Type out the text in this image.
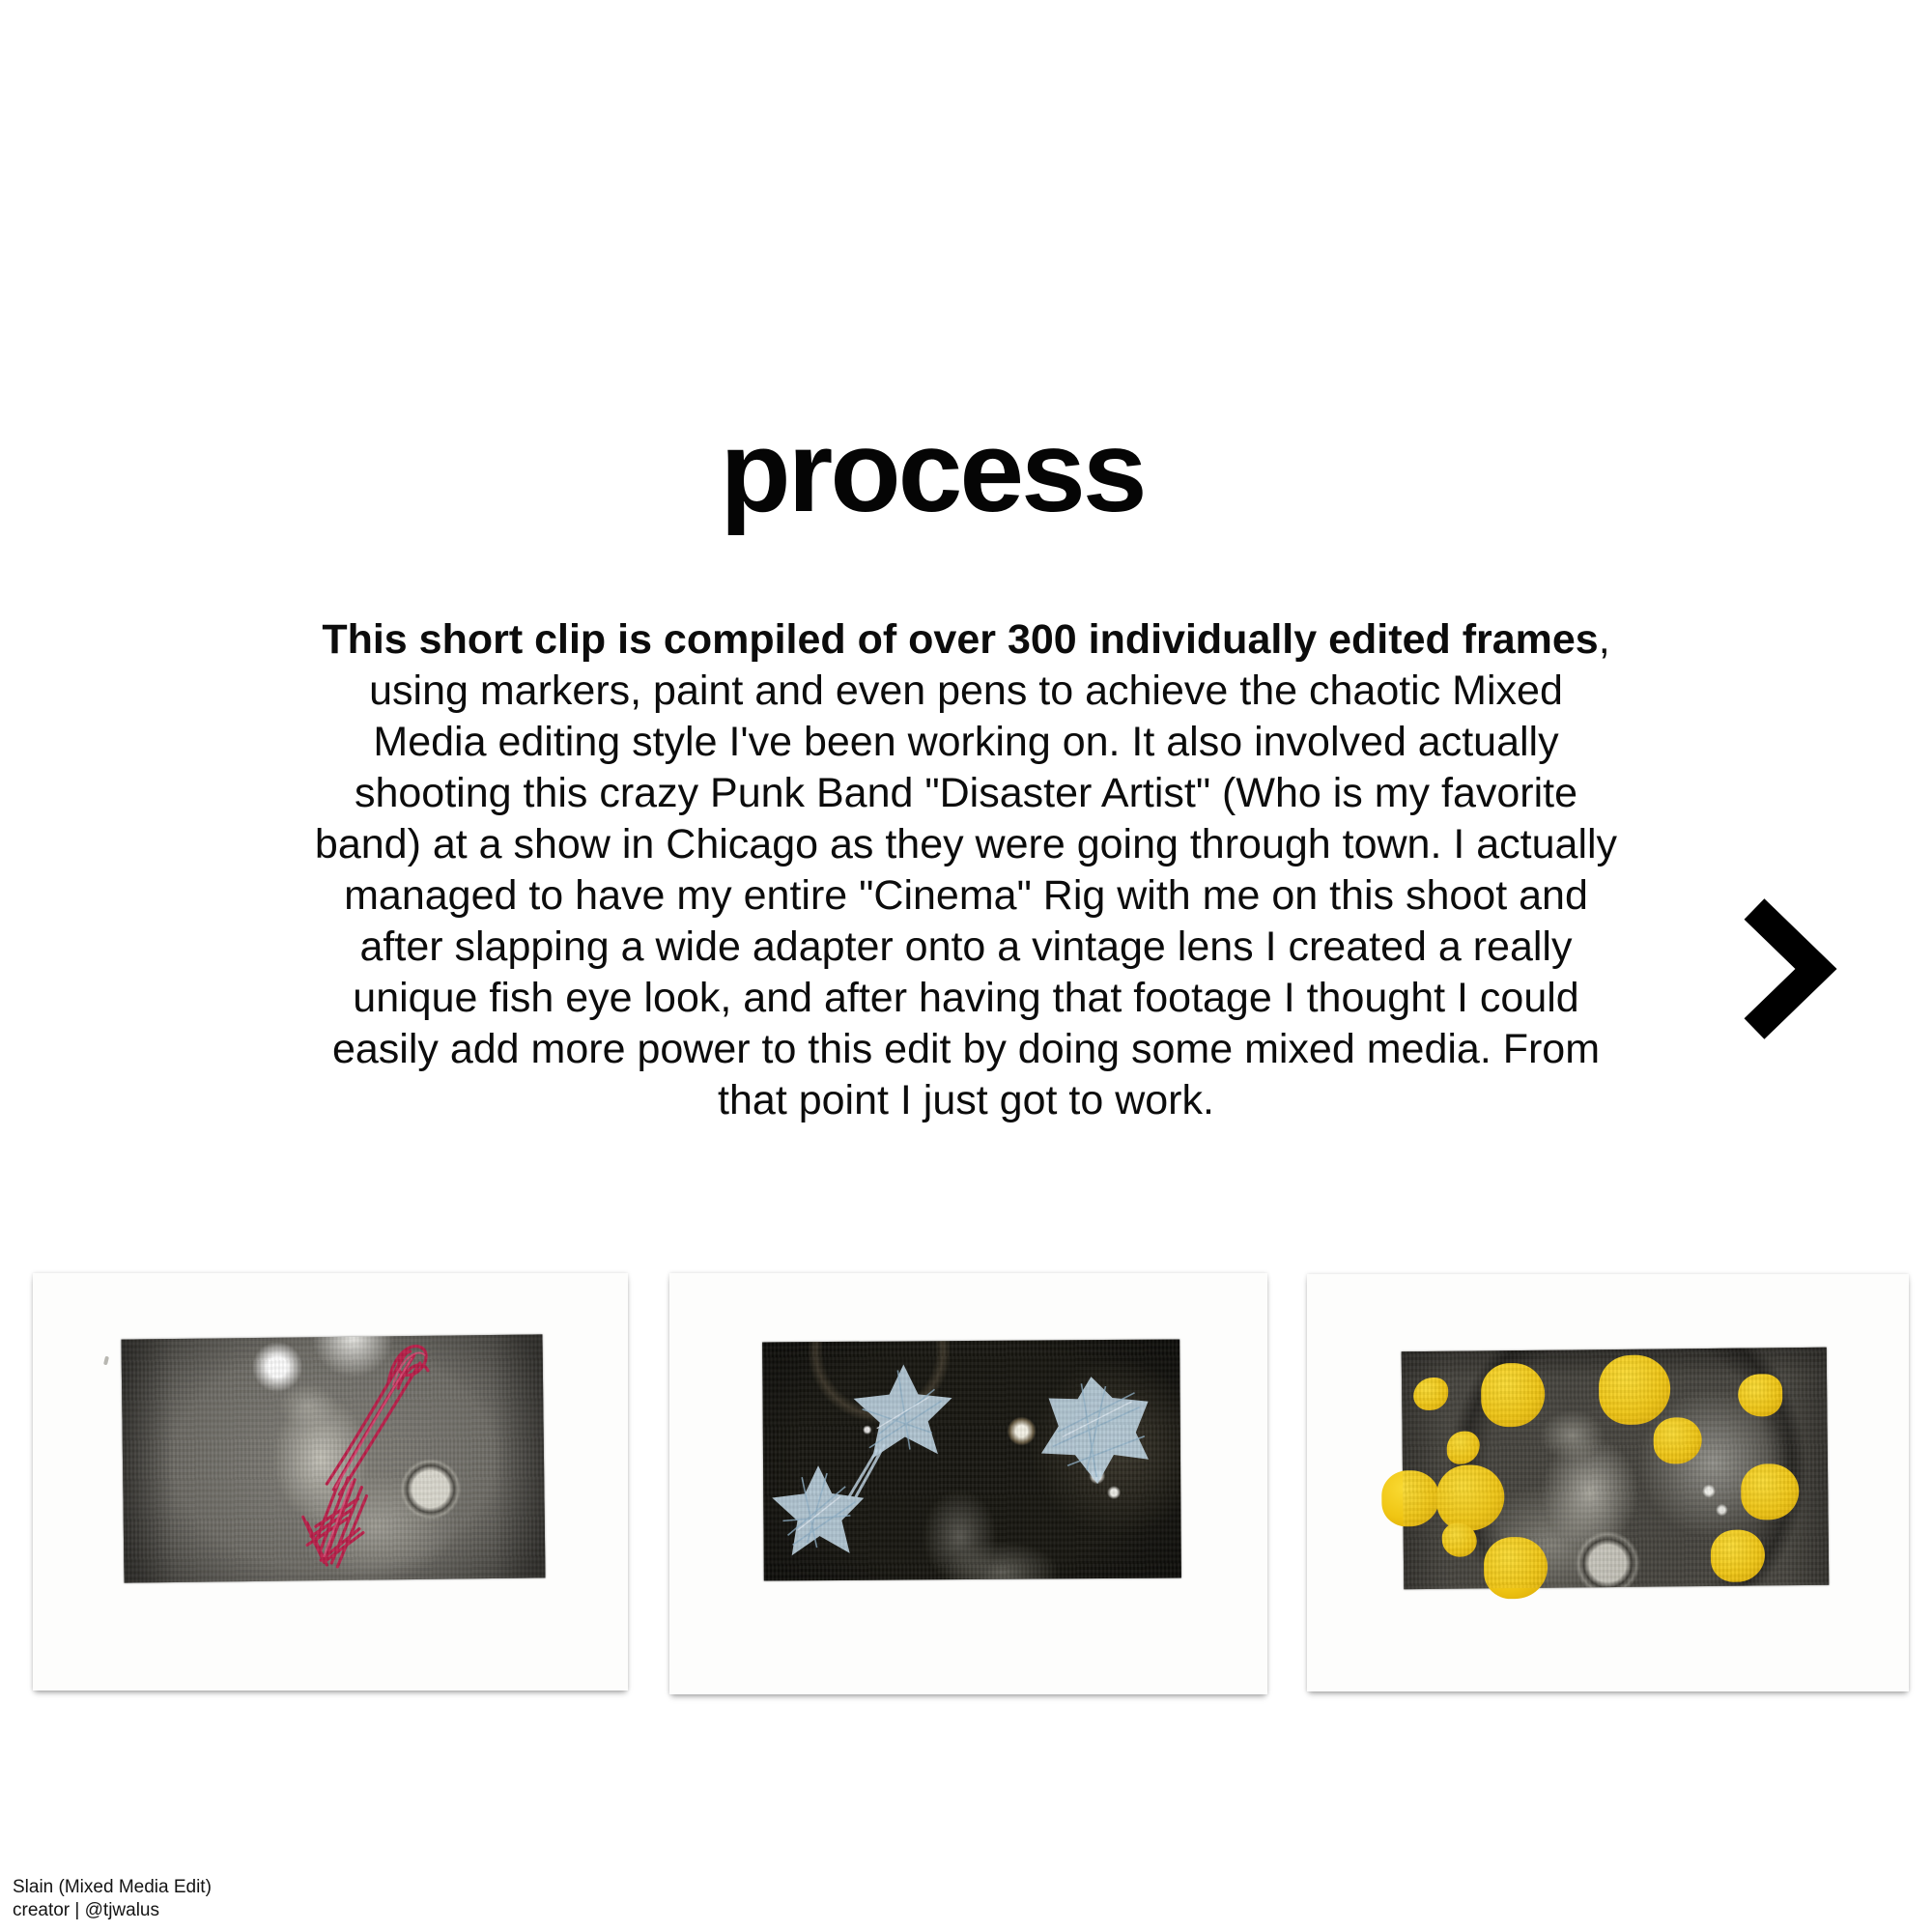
process
This short clip is compiled of over 300 individually edited frames,
using markers, paint and even pens to achieve the chaotic Mixed
Media editing style I've been working on. It also involved actually
shooting this crazy Punk Band "Disaster Artist" (Who is my favorite
band) at a show in Chicago as they were going through town. I actually
managed to have my entire "Cinema" Rig with me on this shoot and
after slapping a wide adapter onto a vintage lens I created a really
unique fish eye look, and after having that footage I thought I could
easily add more power to this edit by doing some mixed media. From
that point I just got to work.
Slain (Mixed Media Edit)
creator | @tjwalus
